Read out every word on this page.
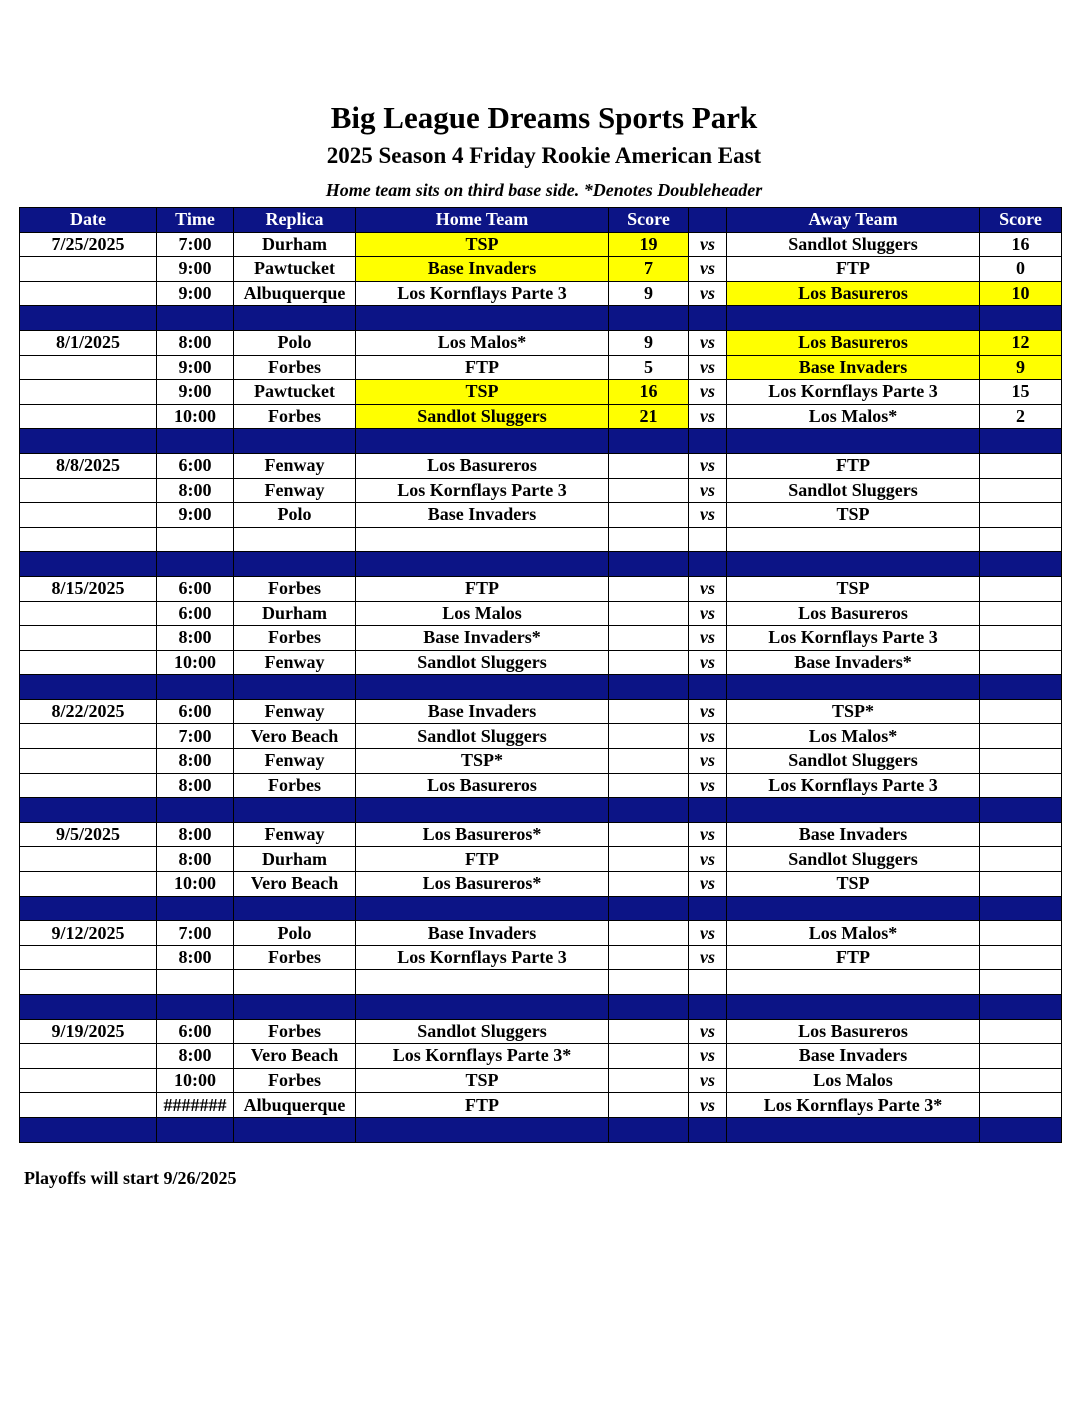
Big League Dreams Sports Park
2025 Season 4 Friday Rookie American East
Home team sits on third base side. *Denotes Doubleheader
Date	Time	Replica	Home Team	Score		Away Team	Score
7/25/2025	7:00	Durham	TSP	19	vs	Sandlot Sluggers	16
	9:00	Pawtucket	Base Invaders	7	vs	FTP	0
	9:00	Albuquerque	Los Kornflays Parte 3	9	vs	Los Basureros	10

8/1/2025	8:00	Polo	Los Malos*	9	vs	Los Basureros	12
	9:00	Forbes	FTP	5	vs	Base Invaders	9
	9:00	Pawtucket	TSP	16	vs	Los Kornflays Parte 3	15
	10:00	Forbes	Sandlot Sluggers	21	vs	Los Malos*	2

8/8/2025	6:00	Fenway	Los Basureros		vs	FTP	
	8:00	Fenway	Los Kornflays Parte 3		vs	Sandlot Sluggers	
	9:00	Polo	Base Invaders		vs	TSP	

8/15/2025	6:00	Forbes	FTP		vs	TSP	
	6:00	Durham	Los Malos		vs	Los Basureros	
	8:00	Forbes	Base Invaders*		vs	Los Kornflays Parte 3	
	10:00	Fenway	Sandlot Sluggers		vs	Base Invaders*	

8/22/2025	6:00	Fenway	Base Invaders		vs	TSP*	
	7:00	Vero Beach	Sandlot Sluggers		vs	Los Malos*	
	8:00	Fenway	TSP*		vs	Sandlot Sluggers	
	8:00	Forbes	Los Basureros		vs	Los Kornflays Parte 3	

9/5/2025	8:00	Fenway	Los Basureros*		vs	Base Invaders	
	8:00	Durham	FTP		vs	Sandlot Sluggers	
	10:00	Vero Beach	Los Basureros*		vs	TSP	

9/12/2025	7:00	Polo	Base Invaders		vs	Los Malos*	
	8:00	Forbes	Los Kornflays Parte 3		vs	FTP	

9/19/2025	6:00	Forbes	Sandlot Sluggers		vs	Los Basureros	
	8:00	Vero Beach	Los Kornflays Parte 3*		vs	Base Invaders	
	10:00	Forbes	TSP		vs	Los Malos	
	#######	Albuquerque	FTP		vs	Los Kornflays Parte 3*	

Playoffs will start 9/26/2025
